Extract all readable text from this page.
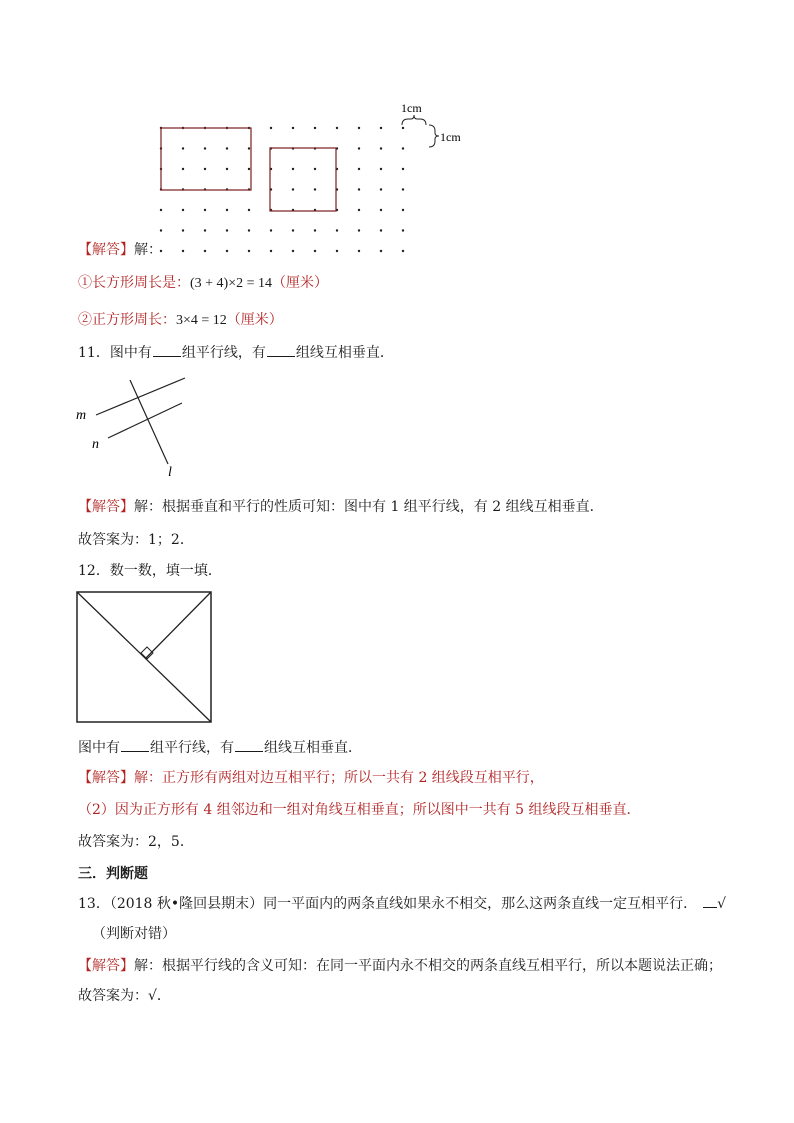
1cm
1cm
【解答】解：
①长方形周长是：(3 + 4)×2 = 14（厘米）
②正方形周长：3×4 = 12（厘米）
11．图中有 组平行线，有 组线互相垂直．
m
n
l
【解答】解：根据垂直和平行的性质可知：图中有 1 组平行线，有 2 组线互相垂直．
故答案为：1；2．
12．数一数，填一填．
图中有 组平行线，有 组线互相垂直．
【解答】解：正方形有两组对边互相平行；所以一共有 2 组线段互相平行，
（2）因为正方形有 4 组邻边和一组对角线互相垂直；所以图中一共有 5 组线段互相垂直．
故答案为：2，5．
三．判断题
13．（2018 秋•隆回县期末）同一平面内的两条直线如果永不相交，那么这两条直线一定互相平行． √
（判断对错）
【解答】解：根据平行线的含义可知：在同一平面内永不相交的两条直线互相平行，所以本题说法正确；
故答案为：√．
